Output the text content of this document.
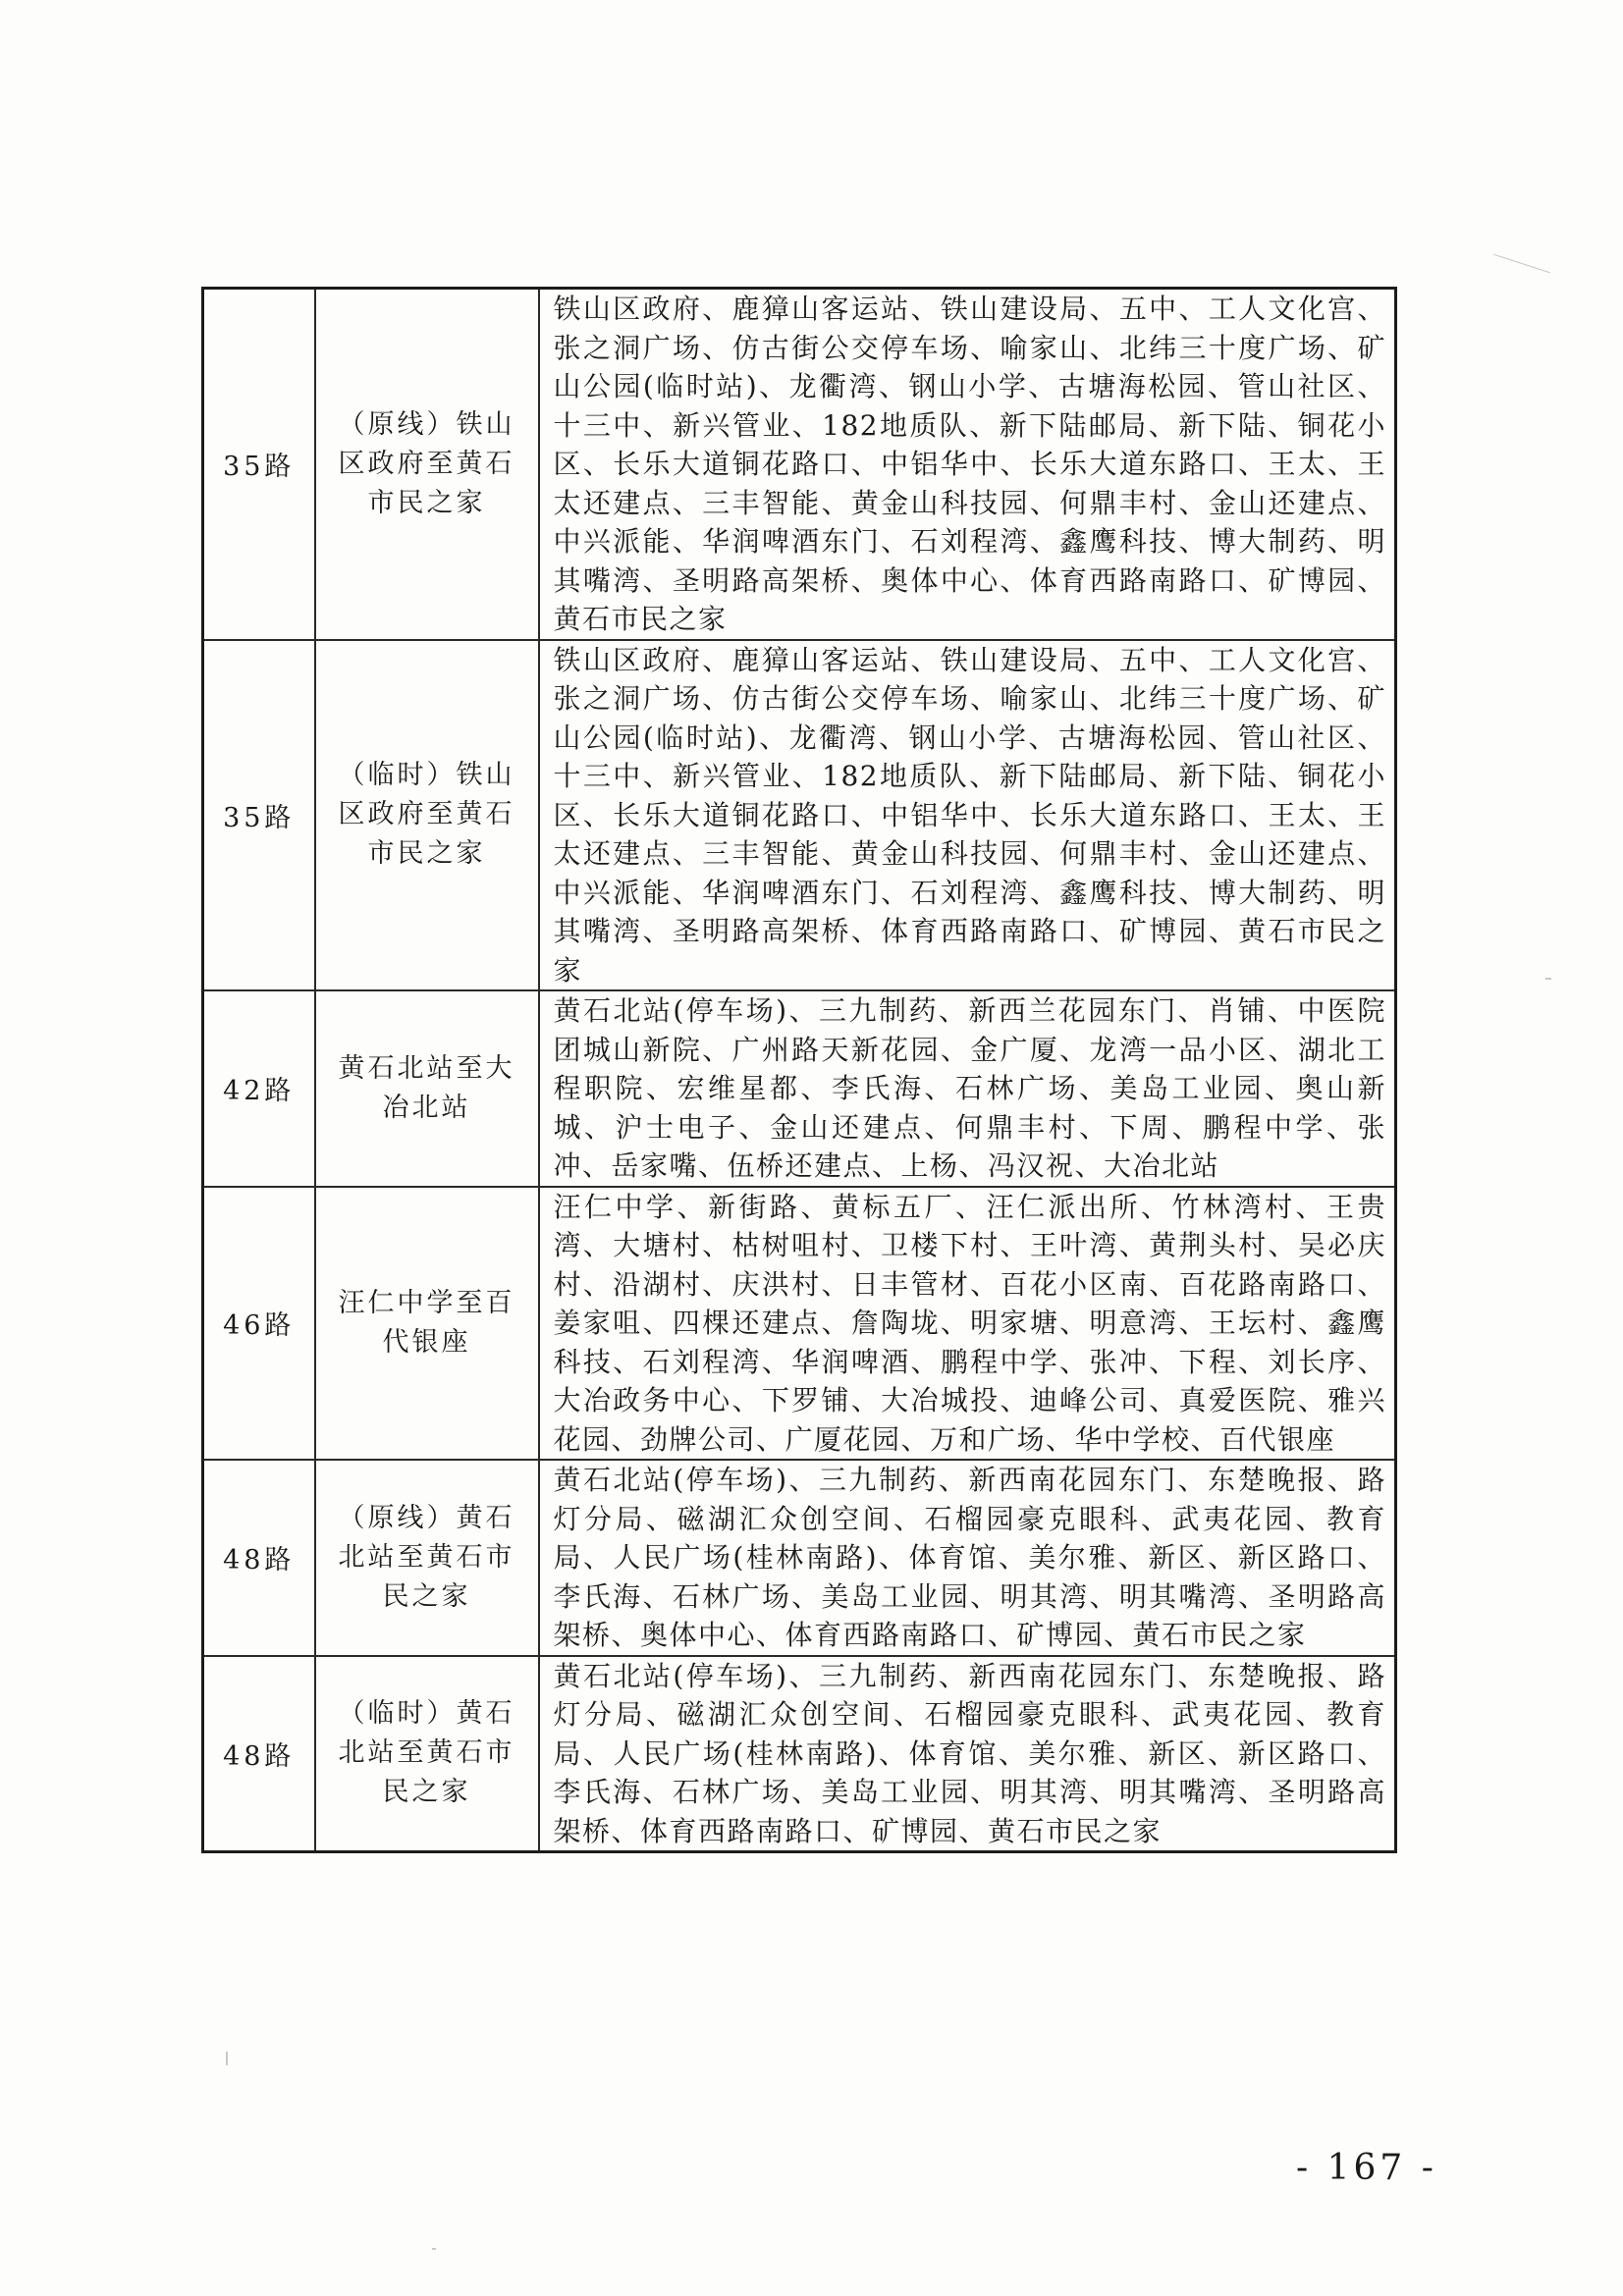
35路	（原线）铁山区政府至黄石市民之家	铁山区政府、鹿獐山客运站、铁山建设局、五中、工人文化宫、张之洞广场、仿古街公交停车场、喻家山、北纬三十度广场、矿山公园(临时站)、龙衢湾、钢山小学、古塘海松园、管山社区、十三中、新兴管业、182地质队、新下陆邮局、新下陆、铜花小区、长乐大道铜花路口、中铝华中、长乐大道东路口、王太、王太还建点、三丰智能、黄金山科技园、何鼎丰村、金山还建点、中兴派能、华润啤酒东门、石刘程湾、鑫鹰科技、博大制药、明其嘴湾、圣明路高架桥、奥体中心、体育西路南路口、矿博园、黄石市民之家
35路	（临时）铁山区政府至黄石市民之家	铁山区政府、鹿獐山客运站、铁山建设局、五中、工人文化宫、张之洞广场、仿古街公交停车场、喻家山、北纬三十度广场、矿山公园(临时站)、龙衢湾、钢山小学、古塘海松园、管山社区、十三中、新兴管业、182地质队、新下陆邮局、新下陆、铜花小区、长乐大道铜花路口、中铝华中、长乐大道东路口、王太、王太还建点、三丰智能、黄金山科技园、何鼎丰村、金山还建点、中兴派能、华润啤酒东门、石刘程湾、鑫鹰科技、博大制药、明其嘴湾、圣明路高架桥、体育西路南路口、矿博园、黄石市民之家
42路	黄石北站至大冶北站	黄石北站(停车场)、三九制药、新西兰花园东门、肖铺、中医院团城山新院、广州路天新花园、金广厦、龙湾一品小区、湖北工程职院、宏维星都、李氏海、石林广场、美岛工业园、奥山新城、沪士电子、金山还建点、何鼎丰村、下周、鹏程中学、张冲、岳家嘴、伍桥还建点、上杨、冯汉祝、大冶北站
46路	汪仁中学至百代银座	汪仁中学、新街路、黄标五厂、汪仁派出所、竹林湾村、王贵湾、大塘村、枯树咀村、卫楼下村、王叶湾、黄荆头村、吴必庆村、沿湖村、庆洪村、日丰管材、百花小区南、百花路南路口、姜家咀、四棵还建点、詹陶垅、明家塘、明意湾、王坛村、鑫鹰科技、石刘程湾、华润啤酒、鹏程中学、张冲、下程、刘长序、大冶政务中心、下罗铺、大冶城投、迪峰公司、真爱医院、雅兴花园、劲牌公司、广厦花园、万和广场、华中学校、百代银座
48路	（原线）黄石北站至黄石市民之家	黄石北站(停车场)、三九制药、新西南花园东门、东楚晚报、路灯分局、磁湖汇众创空间、石榴园豪克眼科、武夷花园、教育局、人民广场(桂林南路)、体育馆、美尔雅、新区、新区路口、李氏海、石林广场、美岛工业园、明其湾、明其嘴湾、圣明路高架桥、奥体中心、体育西路南路口、矿博园、黄石市民之家
48路	（临时）黄石北站至黄石市民之家	黄石北站(停车场)、三九制药、新西南花园东门、东楚晚报、路灯分局、磁湖汇众创空间、石榴园豪克眼科、武夷花园、教育局、人民广场(桂林南路)、体育馆、美尔雅、新区、新区路口、李氏海、石林广场、美岛工业园、明其湾、明其嘴湾、圣明路高架桥、体育西路南路口、矿博园、黄石市民之家
- 167 -
